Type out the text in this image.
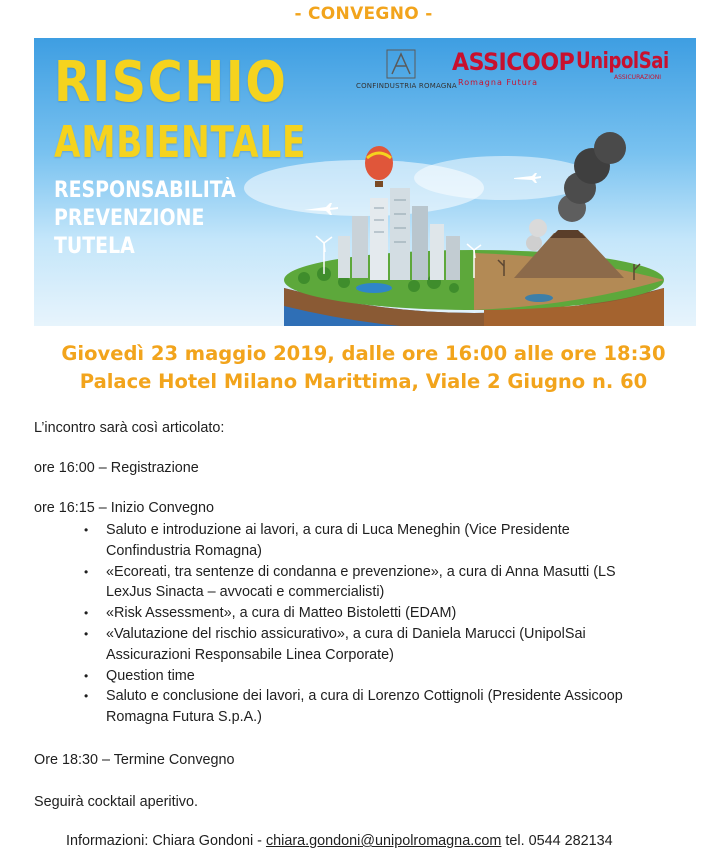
- CONVEGNO -
RISCHIO
AMBIENTALE
RESPONSABILITÀ
PREVENZIONE
TUTELA
CONFINDUSTRIA ROMAGNA
ASSICOOP
Romagna Futura
UnipolSai
ASSICURAZIONI
Giovedì 23 maggio 2019, dalle ore 16:00 alle ore 18:30
Palace Hotel Milano Marittima, Viale 2 Giugno n. 60
L’incontro sarà così articolato:
ore 16:00 – Registrazione
ore 16:15 – Inizio Convegno
• Saluto e introduzione ai lavori, a cura di Luca Meneghin (Vice Presidente
Confindustria Romagna)
• «Ecoreati, tra sentenze di condanna e prevenzione», a cura di Anna Masutti (LS
LexJus Sinacta – avvocati e commercialisti)
• «Risk Assessment», a cura di Matteo Bistoletti (EDAM)
• «Valutazione del rischio assicurativo», a cura di Daniela Marucci (UnipolSai
Assicurazioni Responsabile Linea Corporate)
• Question time
• Saluto e conclusione dei lavori, a cura di Lorenzo Cottignoli (Presidente Assicoop
Romagna Futura S.p.A.)
Ore 18:30 – Termine Convegno
Seguirà cocktail aperitivo.
Informazioni: Chiara Gondoni - chiara.gondoni@unipolromagna.com tel. 0544 282134
